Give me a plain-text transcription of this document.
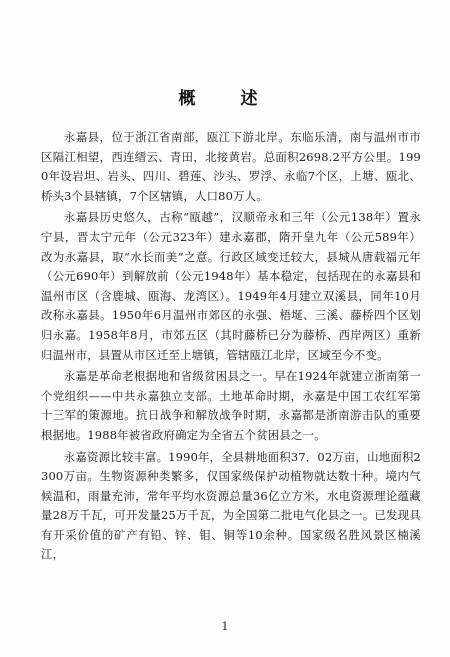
概　述

永嘉县，位于浙江省南部，瓯江下游北岸。东临乐清，南与温州市市区隔江相望，西连缙云、青田，北接黄岩。总面积2698.2平方公里。1990年设岩坦、岩头、四川、碧莲、沙头、罗浮、永临7个区，上塘、瓯北、桥头3个县辖镇，7个区辖镇，人口80万人。

永嘉县历史悠久，古称“瓯越”，汉顺帝永和三年（公元138年）置永宁县，晋太宁元年（公元323年）建永嘉郡，隋开皇九年（公元589年）改为永嘉县，取“水长而美”之意。行政区域变迁较大，县城从唐载福元年（公元690年）到解放前（公元1948年）基本稳定，包括现在的永嘉县和温州市区（含鹿城、瓯海、龙湾区）。1949年4月建立双溪县，同年10月改称永嘉县。1950年6月温州市郊区的永强、梧埏、三溪、藤桥四个区划归永嘉。1958年8月，市郊五区（其时藤桥已分为藤桥、西岸两区）重新归温州市，县置从市区迁至上塘镇，管辖瓯江北岸，区域至今不变。

永嘉是革命老根据地和省级贫困县之一。早在1924年就建立浙南第一个党组织——中共永嘉独立支部。土地革命时期，永嘉是中国工农红军第十三军的策源地。抗日战争和解放战争时期，永嘉都是浙南游击队的重要根据地。1988年被省政府确定为全省五个贫困县之一。

永嘉资源比较丰富。1990年，全县耕地面积37．02万亩，山地面积2300万亩。生物资源种类繁多，仅国家级保护动植物就达数十种。境内气候温和，雨量充沛，常年平均水资源总量36亿立方米，水电资源理论蕴藏量28万千瓦，可开发量25万千瓦，为全国第二批电气化县之一。已发现具有开采价值的矿产有铅、锌、钼、铜等10余种。国家级名胜风景区楠溪江，

1
